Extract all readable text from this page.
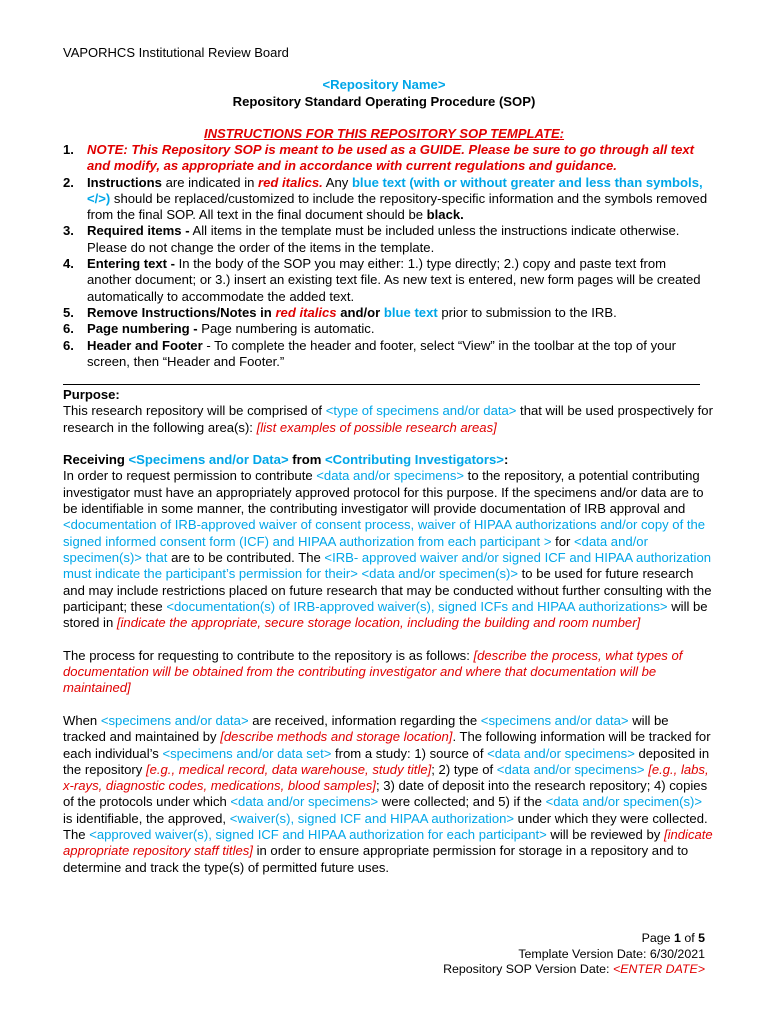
VAPORHCS Institutional Review Board
<Repository Name>
Repository Standard Operating Procedure (SOP)
INSTRUCTIONS FOR THIS REPOSITORY SOP TEMPLATE:
1. NOTE: This Repository SOP is meant to be used as a GUIDE. Please be sure to go through all text and modify, as appropriate and in accordance with current regulations and guidance.
2. Instructions are indicated in red italics. Any blue text (with or without greater and less than symbols, </>) should be replaced/customized to include the repository-specific information and the symbols removed from the final SOP. All text in the final document should be black.
3. Required items - All items in the template must be included unless the instructions indicate otherwise. Please do not change the order of the items in the template.
4. Entering text - In the body of the SOP you may either: 1.) type directly; 2.) copy and paste text from another document; or 3.) insert an existing text file. As new text is entered, new form pages will be created automatically to accommodate the added text.
5. Remove Instructions/Notes in red italics and/or blue text prior to submission to the IRB.
6. Page numbering - Page numbering is automatic.
6. Header and Footer - To complete the header and footer, select “View” in the toolbar at the top of your screen, then “Header and Footer.”

Purpose:

This research repository will be comprised of <type of specimens and/or data> that will be used prospectively for research in the following area(s): [list examples of possible research areas]

Receiving <Specimens and/or Data> from <Contributing Investigators>:

In order to request permission to contribute <data and/or specimens> to the repository, a potential contributing investigator must have an appropriately approved protocol for this purpose. If the specimens and/or data are to be identifiable in some manner, the contributing investigator will provide documentation of IRB approval and <documentation of IRB-approved waiver of consent process, waiver of HIPAA authorizations and/or copy of the signed informed consent form (ICF) and HIPAA authorization from each participant > for <data and/or specimen(s)> that are to be contributed. The <IRB- approved waiver and/or signed ICF and HIPAA authorization must indicate the participant’s permission for their> <data and/or specimen(s)> to be used for future research and may include restrictions placed on future research that may be conducted without further consulting with the participant; these <documentation(s) of IRB-approved waiver(s), signed ICFs and HIPAA authorizations> will be stored in [indicate the appropriate, secure storage location, including the building and room number]

The process for requesting to contribute to the repository is as follows: [describe the process, what types of documentation will be obtained from the contributing investigator and where that documentation will be maintained]

When <specimens and/or data> are received, information regarding the <specimens and/or data> will be tracked and maintained by [describe methods and storage location]. The following information will be tracked for each individual’s <specimens and/or data set> from a study: 1) source of <data and/or specimens> deposited in the repository [e.g., medical record, data warehouse, study title]; 2) type of <data and/or specimens> [e.g., labs, x-rays, diagnostic codes, medications, blood samples]; 3) date of deposit into the research repository; 4) copies of the protocols under which <data and/or specimens> were collected; and 5) if the <data and/or specimen(s)> is identifiable, the approved, <waiver(s), signed ICF and HIPAA authorization> under which they were collected. The <approved waiver(s), signed ICF and HIPAA authorization for each participant> will be reviewed by [indicate appropriate repository staff titles] in order to ensure appropriate permission for storage in a repository and to determine and track the type(s) of permitted future uses.

Page 1 of 5
Template Version Date: 6/30/2021
Repository SOP Version Date: <ENTER DATE>
